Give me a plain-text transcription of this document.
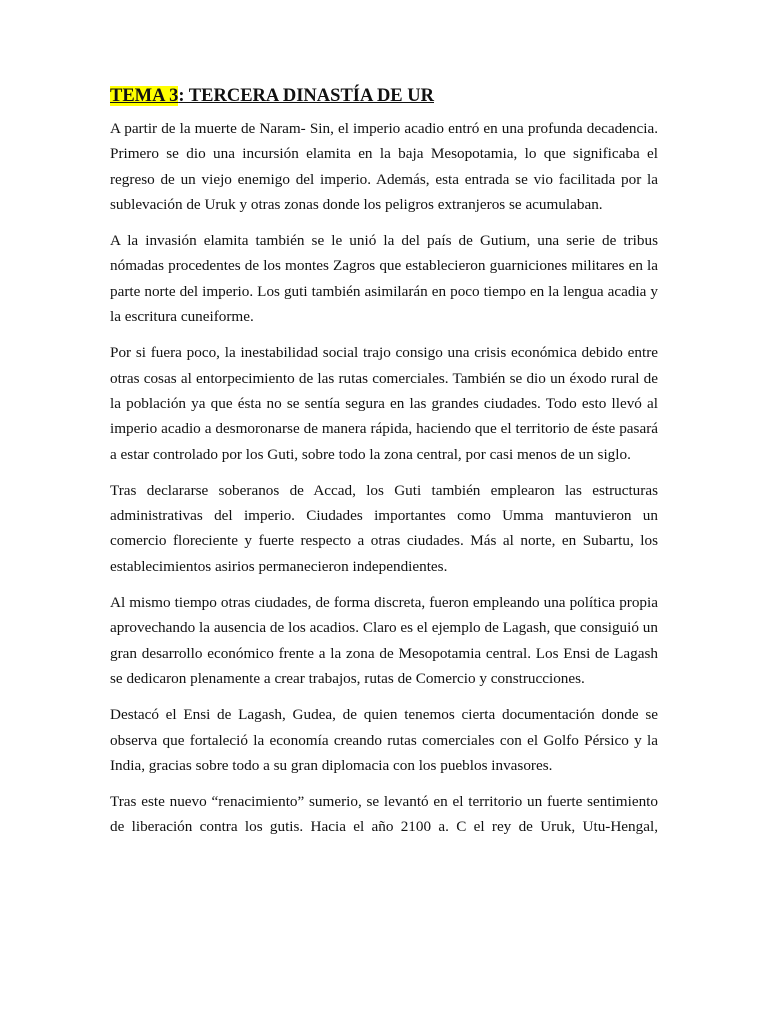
TEMA 3: TERCERA DINASTÍA DE UR

A partir de la muerte de Naram- Sin, el imperio acadio entró en una profunda decadencia. Primero se dio una incursión elamita en la baja Mesopotamia, lo que significaba el regreso de un viejo enemigo del imperio. Además, esta entrada se vio facilitada por la sublevación de Uruk y otras zonas donde los peligros extranjeros se acumulaban.

A la invasión elamita también se le unió la del país de Gutium, una serie de tribus nómadas procedentes de los montes Zagros que establecieron guarniciones militares en la parte norte del imperio. Los guti también asimilarán en poco tiempo en la lengua acadia y la escritura cuneiforme.

Por si fuera poco, la inestabilidad social trajo consigo una crisis económica debido entre otras cosas al entorpecimiento de las rutas comerciales. También se dio un éxodo rural de la población ya que ésta no se sentía segura en las grandes ciudades. Todo esto llevó al imperio acadio a desmoronarse de manera rápida, haciendo que el territorio de éste pasará a estar controlado por los Guti, sobre todo la zona central, por casi menos de un siglo.

Tras declararse soberanos de Accad, los Guti también emplearon las estructuras administrativas del imperio. Ciudades importantes como Umma mantuvieron un comercio floreciente y fuerte respecto a otras ciudades. Más al norte, en Subartu, los establecimientos asirios permanecieron independientes.

Al mismo tiempo otras ciudades, de forma discreta, fueron empleando una política propia aprovechando la ausencia de los acadios. Claro es el ejemplo de Lagash, que consiguió un gran desarrollo económico frente a la zona de Mesopotamia central. Los Ensi de Lagash se dedicaron plenamente a crear trabajos, rutas de Comercio y construcciones.

Destacó el Ensi de Lagash, Gudea, de quien tenemos cierta documentación donde se observa que fortaleció la economía creando rutas comerciales con el Golfo Pérsico y la India, gracias sobre todo a su gran diplomacia con los pueblos invasores.

Tras este nuevo “renacimiento” sumerio, se levantó en el territorio un fuerte sentimiento de liberación contra los gutis. Hacia el año 2100 a. C el rey de Uruk, Utu-Hengal,
